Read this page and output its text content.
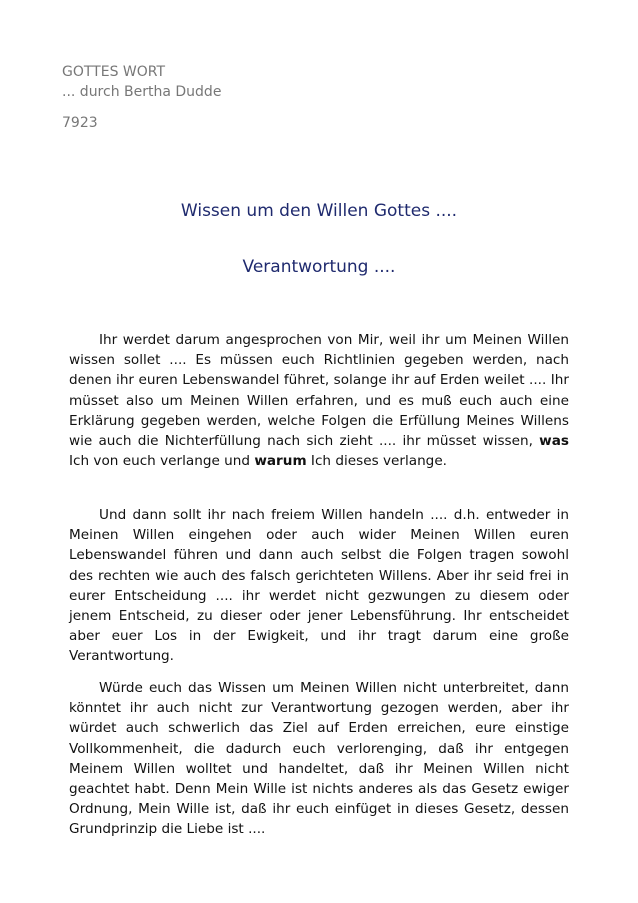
GOTTES WORT
... durch Bertha Dudde
7923
Wissen um den Willen Gottes ....
Verantwortung ....

Ihr werdet darum angesprochen von Mir, weil ihr um Meinen Willen wissen sollet .... Es müssen euch Richtlinien gegeben werden, nach denen ihr euren Lebenswandel führet, solange ihr auf Erden weilet .... Ihr müsset also um Meinen Willen erfahren, und es muß euch auch eine Erklärung gegeben werden, welche Folgen die Erfüllung Meines Willens wie auch die Nichterfüllung nach sich zieht .... ihr müsset wissen, was Ich von euch verlange und warum Ich dieses verlange.

Und dann sollt ihr nach freiem Willen handeln .... d.h. entweder in Meinen Willen eingehen oder auch wider Meinen Willen euren Lebenswandel führen und dann auch selbst die Folgen tragen sowohl des rechten wie auch des falsch gerichteten Willens. Aber ihr seid frei in eurer Entscheidung .... ihr werdet nicht gezwungen zu diesem oder jenem Entscheid, zu dieser oder jener Lebensführung. Ihr entscheidet aber euer Los in der Ewigkeit, und ihr tragt darum eine große Verantwortung.

Würde euch das Wissen um Meinen Willen nicht unterbreitet, dann könntet ihr auch nicht zur Verantwortung gezogen werden, aber ihr würdet auch schwerlich das Ziel auf Erden erreichen, eure einstige Vollkommenheit, die dadurch euch verlorenging, daß ihr entgegen Meinem Willen wolltet und handeltet, daß ihr Meinen Willen nicht geachtet habt. Denn Mein Wille ist nichts anderes als das Gesetz ewiger Ordnung, Mein Wille ist, daß ihr euch einfüget in dieses Gesetz, dessen Grundprinzip die Liebe ist ....
